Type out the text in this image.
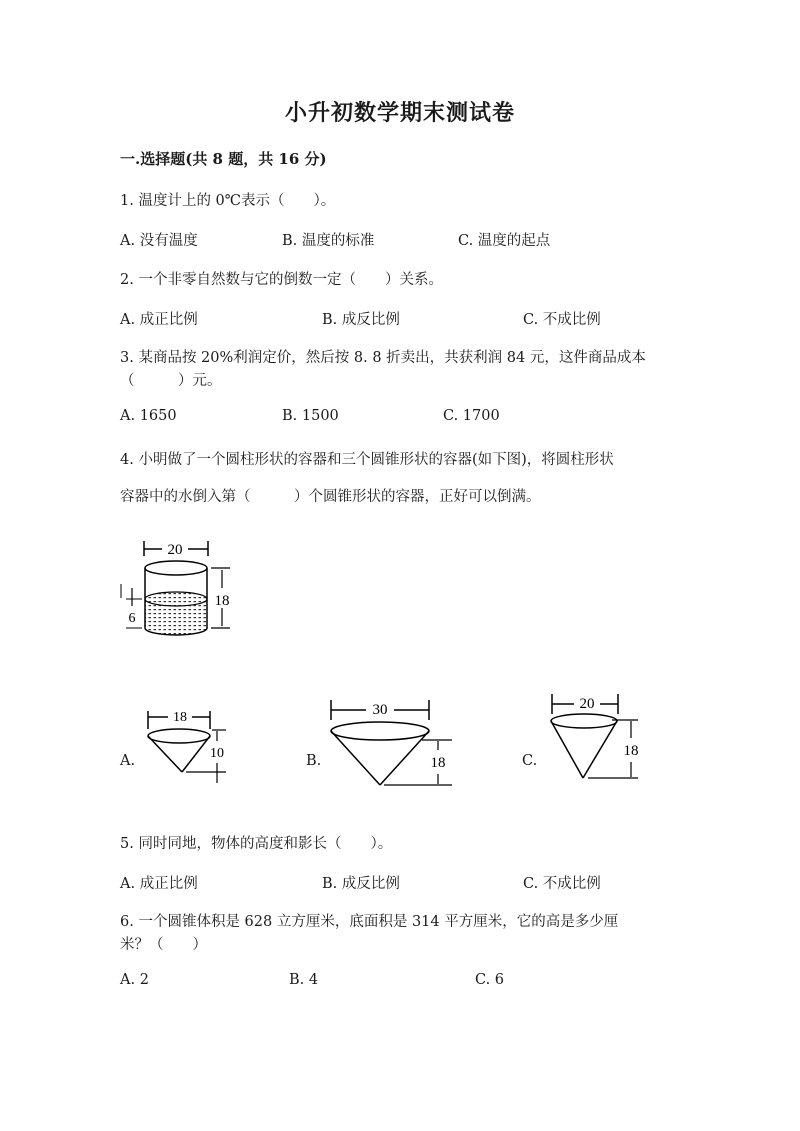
小升初数学期末测试卷
一.选择题(共 8 题，共 16 分)
1. 温度计上的 0℃表示（　　）。
A. 没有温度	B. 温度的标准	C. 温度的起点
2. 一个非零自然数与它的倒数一定（　　）关系。
A. 成正比例	B. 成反比例	C. 不成比例
3. 某商品按 20%利润定价，然后按 8. 8 折卖出，共获利润 84 元，这件商品成本
（　　　）元。
A. 1650	B. 1500	C. 1700
4. 小明做了一个圆柱形状的容器和三个圆锥形状的容器(如下图)，将圆柱形状
容器中的水倒入第（　　　）个圆锥形状的容器，正好可以倒满。
20
18
6
A.	B.	C.
18
10
30
18
20
18
5. 同时同地，物体的高度和影长（　　）。
A. 成正比例	B. 成反比例	C. 不成比例
6. 一个圆锥体积是 628 立方厘米，底面积是 314 平方厘米，它的高是多少厘
米？（　　）
A. 2	B. 4	C. 6
